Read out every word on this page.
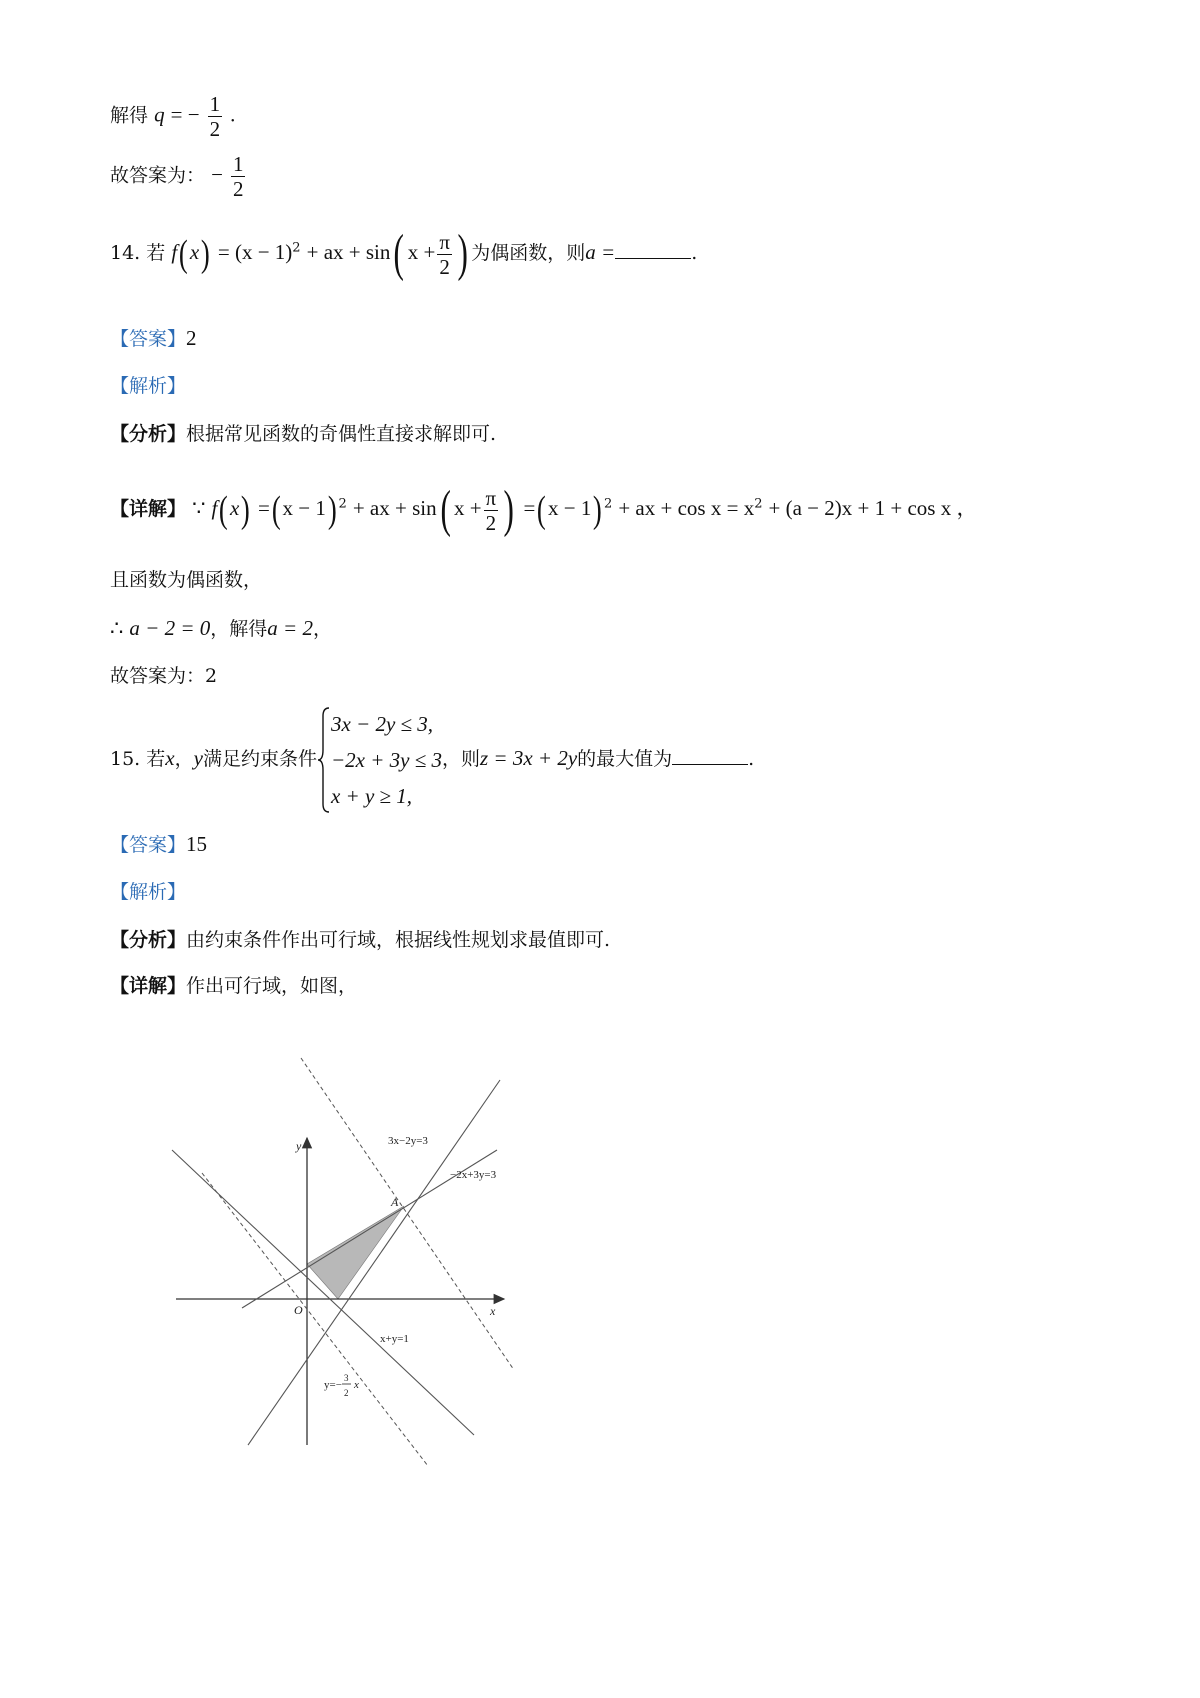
解得 q = − $\frac{1}{2}$ .
故答案为： − $\frac{1}{2}$
14. 若 $f(x) = (x - 1)^2$ + ax + sin( $x + \frac{\pi}{2}$ ) 为偶函数，则a =	.
【答案】2
【解析】
【分析】根据常见函数的奇偶性直接求解即可.
【详解】 ∵ f(x) =(x − 1) $^2$ + ax + sin( $x + \frac{\pi}{2}$ ) =(x − 1) $^2$ + ax + $\cos x = x^2 + (a - 2)x + 1 + \cos x$ ，
且函数为偶函数，
∴ a − 2 = 0，解得a = 2，
故答案为：2
15. 若x，y满足约束条件
3x − 2y ≤ 3,
−2x + 3y ≤ 3
x + y ≥ 1,
，则z = 3x + 2y的最大值为	.
【答案】15
【解析】
【分析】由约束条件作出可行域，根据线性规划求最值即可.
【详解】作出可行域，如图，
y
x
O
A
3x−2y=3
−2x+3y=3
x+y=1
y=−
3
2
x
